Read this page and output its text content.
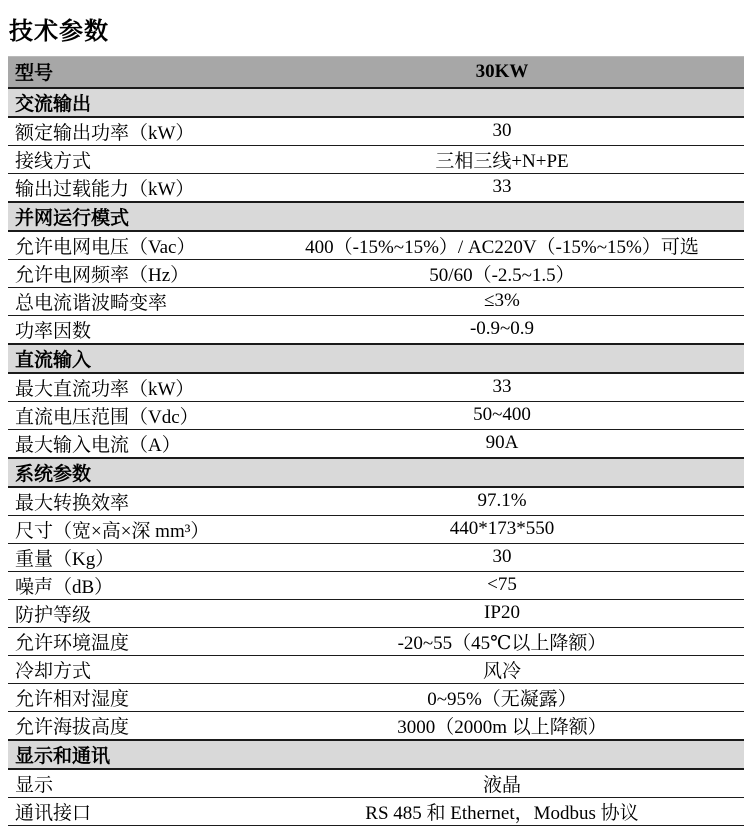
技术参数
型号	30KW
交流输出	
额定输出功率（kW）	30
接线方式	三相三线+N+PE
输出过载能力（kW）	33
并网运行模式	
允许电网电压（Vac）	400（-15%~15%）/ AC220V（-15%~15%）可选
允许电网频率（Hz）	50/60（-2.5~1.5）
总电流谐波畸变率	≤3%
功率因数	-0.9~0.9
直流输入	
最大直流功率（kW）	33
直流电压范围（Vdc）	50~400
最大输入电流（A）	90A
系统参数	
最大转换效率	97.1%
尺寸（宽×高×深 mm³）	440*173*550
重量（Kg）	30
噪声（dB）	<75
防护等级	IP20
允许环境温度	-20~55（45℃以上降额）
冷却方式	风冷
允许相对湿度	0~95%（无凝露）
允许海拔高度	3000（2000m 以上降额）
显示和通讯	
显示	液晶
通讯接口	RS 485 和 Ethernet，Modbus 协议
